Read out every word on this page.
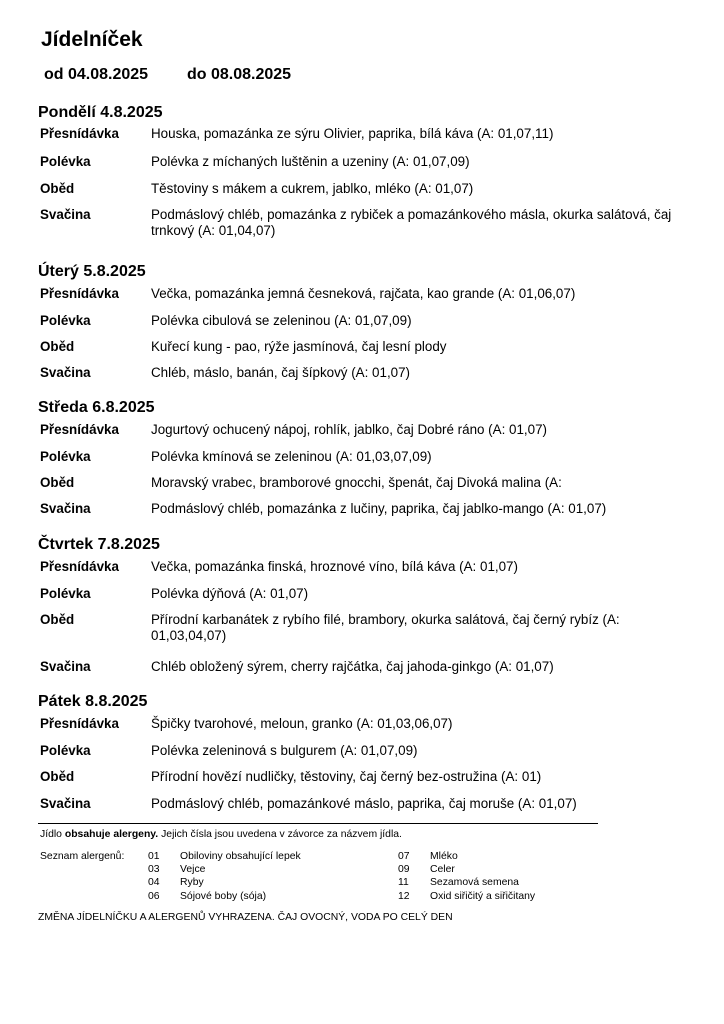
Jídelníček
od 04.08.2025 do 08.08.2025
Pondělí 4.8.2025
Přesnídávka Houska, pomazánka ze sýru Olivier, paprika, bílá káva (A: 01,07,11)
Polévka	Polévka z míchaných luštěnin a uzeniny (A: 01,07,09)
Oběd	Těstoviny s mákem a cukrem, jablko, mléko (A: 01,07)
Svačina	Podmáslový chléb, pomazánka z rybiček a pomazánkového másla, okurka salátová, čaj trnkový (A: 01,04,07)
Úterý 5.8.2025
Přesnídávka Večka, pomazánka jemná česneková, rajčata, kao grande (A: 01,06,07)
Polévka	Polévka cibulová se zeleninou (A: 01,07,09)
Oběd	Kuřecí kung - pao, rýže jasmínová, čaj lesní plody
Svačina	Chléb, máslo, banán, čaj šípkový (A: 01,07)
Středa 6.8.2025
Přesnídávka Jogurtový ochucený nápoj, rohlík, jablko, čaj Dobré ráno (A: 01,07)
Polévka	Polévka kmínová se zeleninou (A: 01,03,07,09)
Oběd	Moravský vrabec, bramborové gnocchi, špenát, čaj Divoká malina (A:
Svačina	Podmáslový chléb, pomazánka z lučiny, paprika, čaj jablko-mango (A: 01,07)
Čtvrtek 7.8.2025
Přesnídávka Večka, pomazánka finská, hroznové víno, bílá káva (A: 01,07)
Polévka	Polévka dýňová (A: 01,07)
Oběd	Přírodní karbanátek z rybího filé, brambory, okurka salátová, čaj černý rybíz (A: 01,03,04,07)
Svačina	Chléb obložený sýrem, cherry rajčátka, čaj jahoda-ginkgo (A: 01,07)
Pátek 8.8.2025
Přesnídávka Špičky tvarohové, meloun, granko (A: 01,03,06,07)
Polévka	Polévka zeleninová s bulgurem (A: 01,07,09)
Oběd	Přírodní hovězí nudličky, těstoviny, čaj černý bez-ostružina (A: 01)
Svačina	Podmáslový chléb, pomazánkové máslo, paprika, čaj moruše (A: 01,07)
Jídlo obsahuje alergeny. Jejich čísla jsou uvedena v závorce za názvem jídla.
Seznam alergenů: 01 Obiloviny obsahující lepek
03 Vejce
04 Ryby
06 Sójové boby (sója)
07 Mléko
09 Celer
11 Sezamová semena
12 Oxid siřičitý a siřičitany
ZMĚNA JÍDELNÍČKU A ALERGENŮ VYHRAZENA. ČAJ OVOCNÝ, VODA PO CELÝ DEN
